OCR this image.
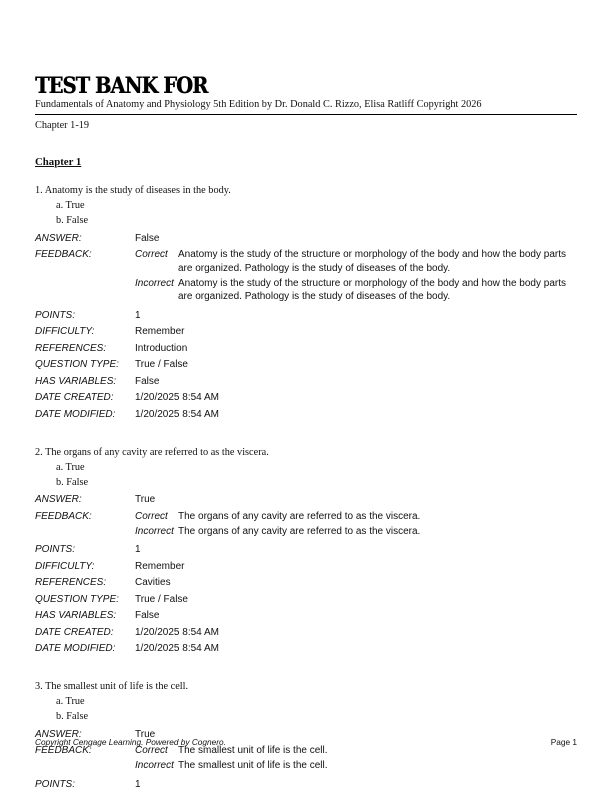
TEST BANK FOR
Fundamentals of Anatomy and Physiology 5th Edition by Dr. Donald C. Rizzo, Elisa Ratliff Copyright 2026
Chapter 1-19
Chapter 1
1. Anatomy is the study of diseases in the body.
a. True
b. False
ANSWER:	False
FEEDBACK:	Correct	Anatomy is the study of the structure or morphology of the body and how the body parts are organized. Pathology is the study of diseases of the body.
Incorrect Anatomy is the study of the structure or morphology of the body and how the body parts are organized. Pathology is the study of diseases of the body.
POINTS:	1
DIFFICULTY:	Remember
REFERENCES:	Introduction
QUESTION TYPE:	True / False
HAS VARIABLES:	False
DATE CREATED:	1/20/2025 8:54 AM
DATE MODIFIED:	1/20/2025 8:54 AM
2. The organs of any cavity are referred to as the viscera.
a. True
b. False
ANSWER:	True
FEEDBACK:	Correct	The organs of any cavity are referred to as the viscera.
Incorrect The organs of any cavity are referred to as the viscera.
POINTS:	1
DIFFICULTY:	Remember
REFERENCES:	Cavities
QUESTION TYPE:	True / False
HAS VARIABLES:	False
DATE CREATED:	1/20/2025 8:54 AM
DATE MODIFIED:	1/20/2025 8:54 AM
3. The smallest unit of life is the cell.
a. True
b. False
ANSWER:	True
FEEDBACK:	Correct	The smallest unit of life is the cell.
Incorrect The smallest unit of life is the cell.
POINTS:	1
Copyright Cengage Learning. Powered by Cognero.	Page 1
